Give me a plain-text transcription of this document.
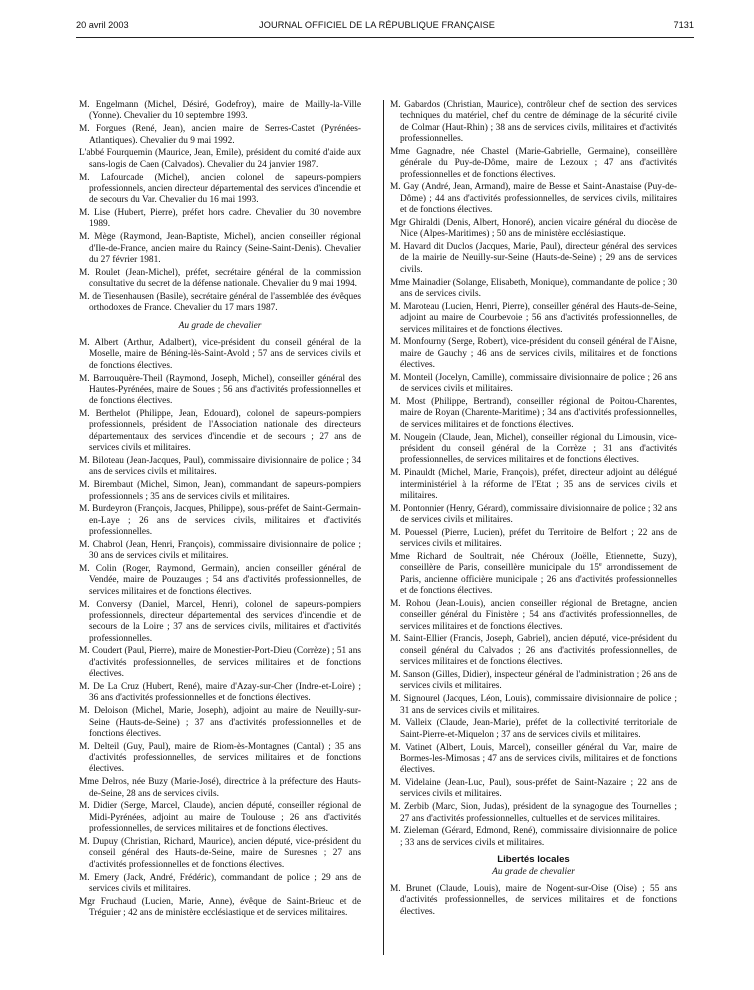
20 avril 2003	JOURNAL OFFICIEL DE LA RÉPUBLIQUE FRANÇAISE	7131

M. Engelmann (Michel, Désiré, Godefroy), maire de Mailly-la-Ville (Yonne). Chevalier du 10 septembre 1993.

M. Forgues (René, Jean), ancien maire de Serres-Castet (Pyrénées-Atlantiques). Chevalier du 9 mai 1992.

L'abbé Fourquemin (Maurice, Jean, Emile), président du comité d'aide aux sans-logis de Caen (Calvados). Chevalier du 24 janvier 1987.

M. Lafourcade (Michel), ancien colonel de sapeurs-pompiers professionnels, ancien directeur départemental des services d'incendie et de secours du Var. Chevalier du 16 mai 1993.

M. Lise (Hubert, Pierre), préfet hors cadre. Chevalier du 30 novembre 1989.

M. Mège (Raymond, Jean-Baptiste, Michel), ancien conseiller régional d'Ile-de-France, ancien maire du Raincy (Seine-Saint-Denis). Chevalier du 27 février 1981.

M. Roulet (Jean-Michel), préfet, secrétaire général de la commission consultative du secret de la défense nationale. Chevalier du 9 mai 1994.

M. de Tiesenhausen (Basile), secrétaire général de l'assemblée des évêques orthodoxes de France. Chevalier du 17 mars 1987.

Au grade de chevalier

M. Albert (Arthur, Adalbert), vice-président du conseil général de la Moselle, maire de Béning-lès-Saint-Avold ; 57 ans de services civils et de fonctions électives.

M. Barrouquère-Theil (Raymond, Joseph, Michel), conseiller général des Hautes-Pyrénées, maire de Soues ; 56 ans d'activités professionnelles et de fonctions électives.

M. Berthelot (Philippe, Jean, Edouard), colonel de sapeurs-pompiers professionnels, président de l'Association nationale des directeurs départementaux des services d'incendie et de secours ; 27 ans de services civils et militaires.

M. Biloteau (Jean-Jacques, Paul), commissaire divisionnaire de police ; 34 ans de services civils et militaires.

M. Birembaut (Michel, Simon, Jean), commandant de sapeurs-pompiers professionnels ; 35 ans de services civils et militaires.

M. Burdeyron (François, Jacques, Philippe), sous-préfet de Saint-Germain-en-Laye ; 26 ans de services civils, militaires et d'activités professionnelles.

M. Chabrol (Jean, Henri, François), commissaire divisionnaire de police ; 30 ans de services civils et militaires.

M. Colin (Roger, Raymond, Germain), ancien conseiller général de Vendée, maire de Pouzauges ; 54 ans d'activités professionnelles, de services militaires et de fonctions électives.

M. Conversy (Daniel, Marcel, Henri), colonel de sapeurs-pompiers professionnels, directeur départemental des services d'incendie et de secours de la Loire ; 37 ans de services civils, militaires et d'activités professionnelles.

M. Coudert (Paul, Pierre), maire de Monestier-Port-Dieu (Corrèze) ; 51 ans d'activités professionnelles, de services militaires et de fonctions électives.

M. De La Cruz (Hubert, René), maire d'Azay-sur-Cher (Indre-et-Loire) ; 36 ans d'activités professionnelles et de fonctions électives.

M. Deloison (Michel, Marie, Joseph), adjoint au maire de Neuilly-sur-Seine (Hauts-de-Seine) ; 37 ans d'activités professionnelles et de fonctions électives.

M. Delteil (Guy, Paul), maire de Riom-ès-Montagnes (Cantal) ; 35 ans d'activités professionnelles, de services militaires et de fonctions électives.

Mme Delros, née Buzy (Marie-José), directrice à la préfecture des Hauts-de-Seine, 28 ans de services civils.

M. Didier (Serge, Marcel, Claude), ancien député, conseiller régional de Midi-Pyrénées, adjoint au maire de Toulouse ; 26 ans d'activités professionnelles, de services militaires et de fonctions électives.

M. Dupuy (Christian, Richard, Maurice), ancien député, vice-président du conseil général des Hauts-de-Seine, maire de Suresnes ; 27 ans d'activités professionnelles et de fonctions électives.

M. Emery (Jack, André, Frédéric), commandant de police ; 29 ans de services civils et militaires.

Mgr Fruchaud (Lucien, Marie, Anne), évêque de Saint-Brieuc et de Tréguier ; 42 ans de ministère ecclésiastique et de services militaires.

M. Gabardos (Christian, Maurice), contrôleur chef de section des services techniques du matériel, chef du centre de déminage de la sécurité civile de Colmar (Haut-Rhin) ; 38 ans de services civils, militaires et d'activités professionnelles.

Mme Gagnadre, née Chastel (Marie-Gabrielle, Germaine), conseillère générale du Puy-de-Dôme, maire de Lezoux ; 47 ans d'activités professionnelles et de fonctions électives.

M. Gay (André, Jean, Armand), maire de Besse et Saint-Anastaise (Puy-de-Dôme) ; 44 ans d'activités professionnelles, de services civils, militaires et de fonctions électives.

Mgr Ghiraldi (Denis, Albert, Honoré), ancien vicaire général du diocèse de Nice (Alpes-Maritimes) ; 50 ans de ministère ecclésiastique.

M. Havard dit Duclos (Jacques, Marie, Paul), directeur général des services de la mairie de Neuilly-sur-Seine (Hauts-de-Seine) ; 29 ans de services civils.

Mme Mainadier (Solange, Elisabeth, Monique), commandante de police ; 30 ans de services civils.

M. Maroteau (Lucien, Henri, Pierre), conseiller général des Hauts-de-Seine, adjoint au maire de Courbevoie ; 56 ans d'activités professionnelles, de services militaires et de fonctions électives.

M. Monfourny (Serge, Robert), vice-président du conseil général de l'Aisne, maire de Gauchy ; 46 ans de services civils, militaires et de fonctions électives.

M. Monteil (Jocelyn, Camille), commissaire divisionnaire de police ; 26 ans de services civils et militaires.

M. Most (Philippe, Bertrand), conseiller régional de Poitou-Charentes, maire de Royan (Charente-Maritime) ; 34 ans d'activités professionnelles, de services militaires et de fonctions électives.

M. Nougein (Claude, Jean, Michel), conseiller régional du Limousin, vice-président du conseil général de la Corrèze ; 31 ans d'activités professionnelles, de services militaires et de fonctions électives.

M. Pinauldt (Michel, Marie, François), préfet, directeur adjoint au délégué interministériel à la réforme de l'Etat ; 35 ans de services civils et militaires.

M. Pontonnier (Henry, Gérard), commissaire divisionnaire de police ; 32 ans de services civils et militaires.

M. Pouessel (Pierre, Lucien), préfet du Territoire de Belfort ; 22 ans de services civils et militaires.

Mme Richard de Soultrait, née Chéroux (Joëlle, Etiennette, Suzy), conseillère de Paris, conseillère municipale du 15e arrondissement de Paris, ancienne officière municipale ; 26 ans d'activités professionnelles et de fonctions électives.

M. Rohou (Jean-Louis), ancien conseiller régional de Bretagne, ancien conseiller général du Finistère ; 54 ans d'activités professionnelles, de services militaires et de fonctions électives.

M. Saint-Ellier (Francis, Joseph, Gabriel), ancien député, vice-président du conseil général du Calvados ; 26 ans d'activités professionnelles, de services militaires et de fonctions électives.

M. Sanson (Gilles, Didier), inspecteur général de l'administration ; 26 ans de services civils et militaires.

M. Signourel (Jacques, Léon, Louis), commissaire divisionnaire de police ; 31 ans de services civils et militaires.

M. Valleix (Claude, Jean-Marie), préfet de la collectivité territoriale de Saint-Pierre-et-Miquelon ; 37 ans de services civils et militaires.

M. Vatinet (Albert, Louis, Marcel), conseiller général du Var, maire de Bormes-les-Mimosas ; 47 ans de services civils, militaires et de fonctions électives.

M. Videlaine (Jean-Luc, Paul), sous-préfet de Saint-Nazaire ; 22 ans de services civils et militaires.

M. Zerbib (Marc, Sion, Judas), président de la synagogue des Tournelles ; 27 ans d'activités professionnelles, cultuelles et de services militaires.

M. Zieleman (Gérard, Edmond, René), commissaire divisionnaire de police ; 33 ans de services civils et militaires.

Libertés locales
Au grade de chevalier

M. Brunet (Claude, Louis), maire de Nogent-sur-Oise (Oise) ; 55 ans d'activités professionnelles, de services militaires et de fonctions électives.
